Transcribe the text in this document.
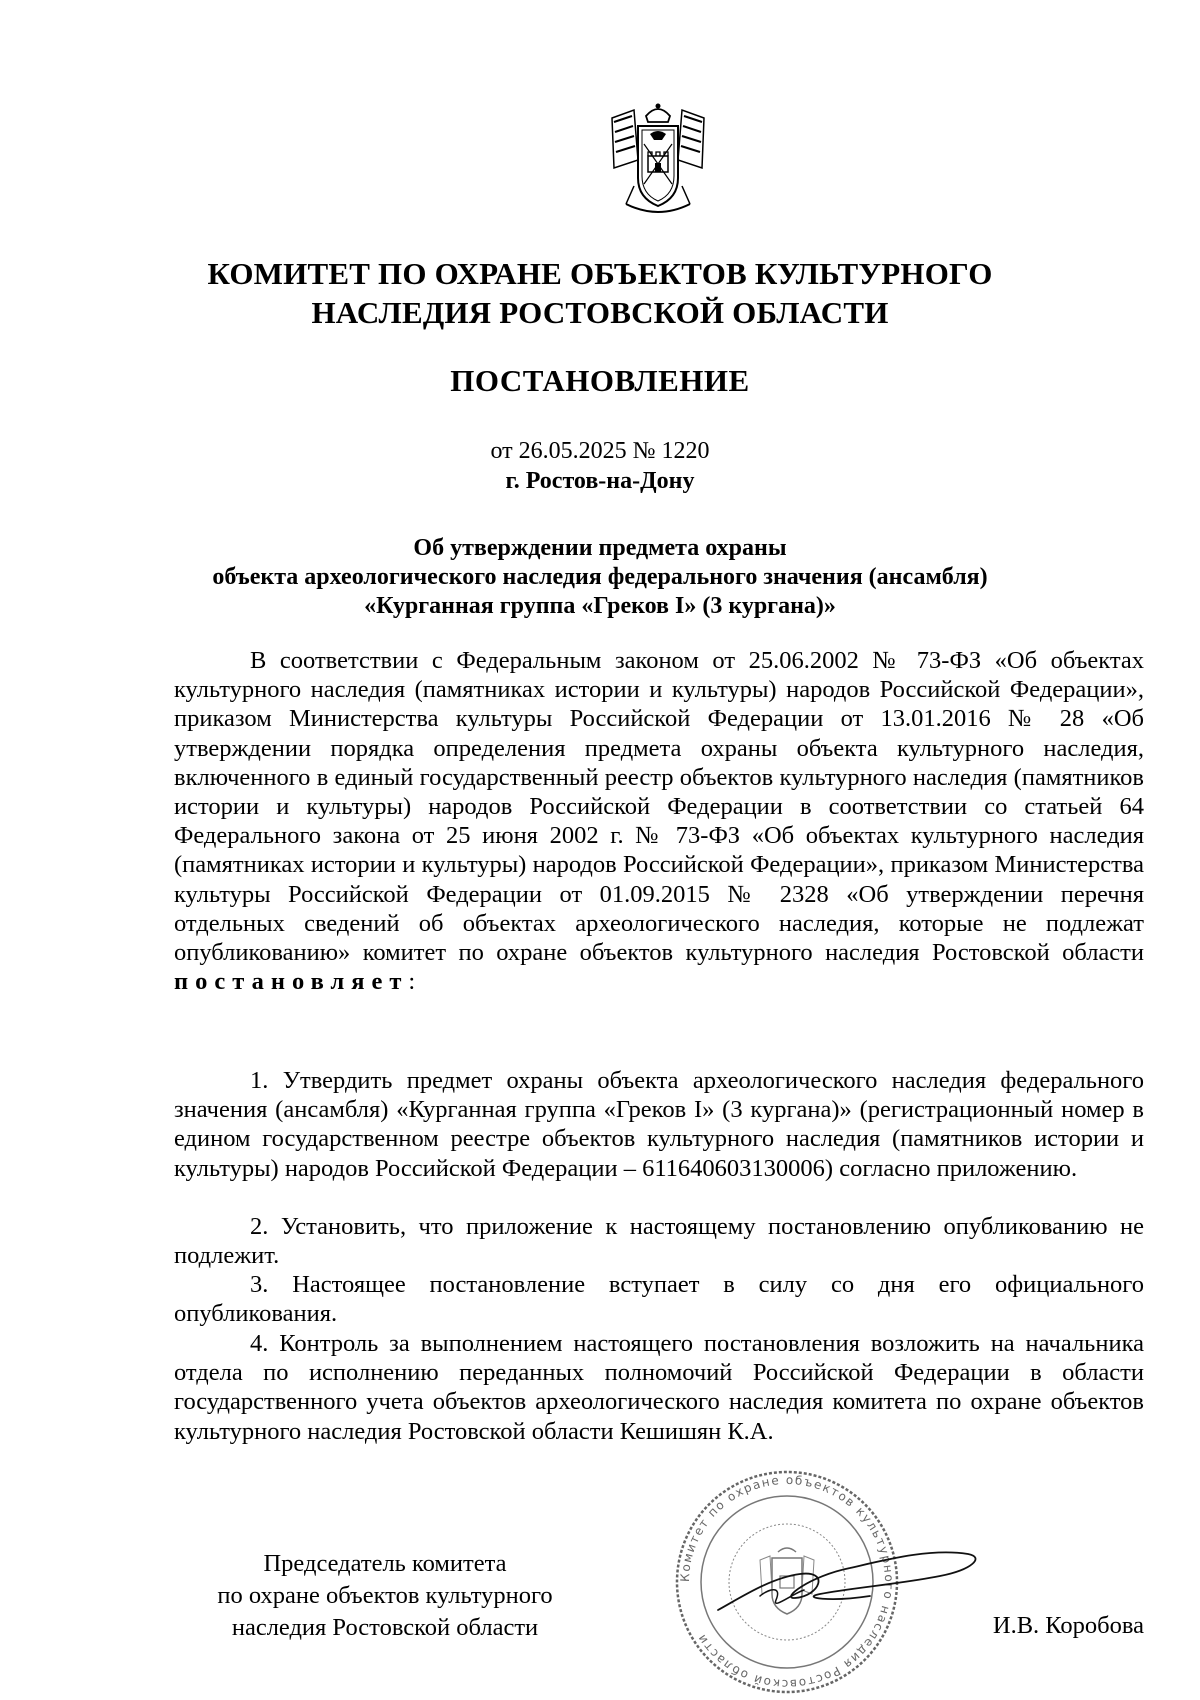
КОМИТЕТ ПО ОХРАНЕ ОБЪЕКТОВ КУЛЬТУРНОГО
НАСЛЕДИЯ РОСТОВСКОЙ ОБЛАСТИ
ПОСТАНОВЛЕНИЕ
от 26.05.2025 № 1220
г. Ростов-на-Дону
Об утверждении предмета охраны
объекта археологического наследия федерального значения (ансамбля)
«Курганная группа «Греков I» (3 кургана)»

В соответствии с Федеральным законом от 25.06.2002 № 73-ФЗ «Об объектах культурного наследия (памятниках истории и культуры) народов Российской Федерации», приказом Министерства культуры Российской Федерации от 13.01.2016 № 28 «Об утверждении порядка определения предмета охраны объекта культурного наследия, включенного в единый государственный реестр объектов культурного наследия (памятников истории и культуры) народов Российской Федерации в соответствии со статьей 64 Федерального закона от 25 июня 2002 г. № 73-ФЗ «Об объектах культурного наследия (памятниках истории и культуры) народов Российской Федерации», приказом Министерства культуры Российской Федерации от 01.09.2015 № 2328 «Об утверждении перечня отдельных сведений об объектах археологического наследия, которые не подлежат опубликованию» комитет по охране объектов культурного наследия Ростовской области постановляет:

1. Утвердить предмет охраны объекта археологического наследия федерального значения (ансамбля) «Курганная группа «Греков I» (3 кургана)» (регистрационный номер в едином государственном реестре объектов культурного наследия (памятников истории и культуры) народов Российской Федерации – 611640603130006) согласно приложению.

2. Установить, что приложение к настоящему постановлению опубликованию не подлежит.

3. Настоящее постановление вступает в силу со дня его официального опубликования.

4. Контроль за выполнением настоящего постановления возложить на начальника отдела по исполнению переданных полномочий Российской Федерации в области государственного учета объектов археологического наследия комитета по охране объектов культурного наследия Ростовской области Кешишян К.А.

Комитет по охране объектов культурного наследия Ростовской области
Председатель комитета
по охране объектов культурного
наследия Ростовской области	И.В. Коробова
